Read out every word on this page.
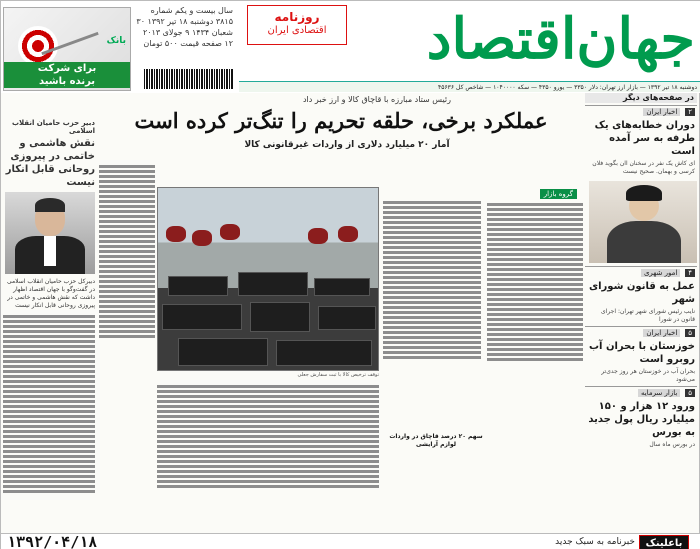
جهان‌اقتصاد
روزنامه
اقتصادی ایران
سال بیست و یکم شماره ۳۸۱۵ دوشنبه ۱۸ تیر ۱۳۹۲ ۳۰ شعبان ۱۴۳۴ ۹ جولای ۲۰۱۳ ۱۲ صفحه قیمت ۵۰۰ تومان
بانک
برای شرکت
برنده باشید
دوشنبه ۱۸ تیر ۱۳۹۲ — بازار ارز تهران: دلار ۳۳۵۰ — یورو ۴۳۵۰ — سکه ۱۰۴۰۰۰۰ — شاخص کل ۴۵۶۳۶
در صفحه‌های دیگر
۲ اخبار ایران
دوران خطابه‌های یک طرفه به سر آمده است

ای کاش یک نفر در سخنان اان بگوید فلان کرسی و بهمان. صحیح نیست

۴ امور شهری
عمل به قانون شورای شهر

نایب رئیس شورای شهر تهران: اجرای قانون در شورا

۵ اخبار ایران
خوزستان با بحران آب روبرو است

بحران آب در خوزستان هر روز جدی‌تر می‌شود

۵ بازار سرمایه
ورود ۱۲ هزار و ۱۵۰ میلیارد ریال پول جدید به بورس

در بورس ماه سال

دبیر حزب حامیان انقلاب اسلامی
نقش هاشمی و خاتمی در پیروزی روحانی قابل انکار نیست

دبیرکل حزب حامیان انقلاب اسلامی در گفت‌وگو با جهان اقتصاد اظهار داشت که نقش هاشمی و خاتمی در پیروزی روحانی قابل انکار نیست

رئیس ستاد مبارزه با قاچاق کالا و ارز خبر داد
عملکرد برخی، حلقه تحریم را تنگ‌تر کرده است
آمار ۲۰ میلیارد دلاری از واردات غیرقانونی کالا
گروه بازار
توقف ترخیص کالا با ثبت سفارش جعلی
سهم ۲۰ درصد قاچاق در واردات لوازم آرایشی
۱۳۹۲/۰۴/۱۸	خبرنامه به سبک جدید	باعلینک
